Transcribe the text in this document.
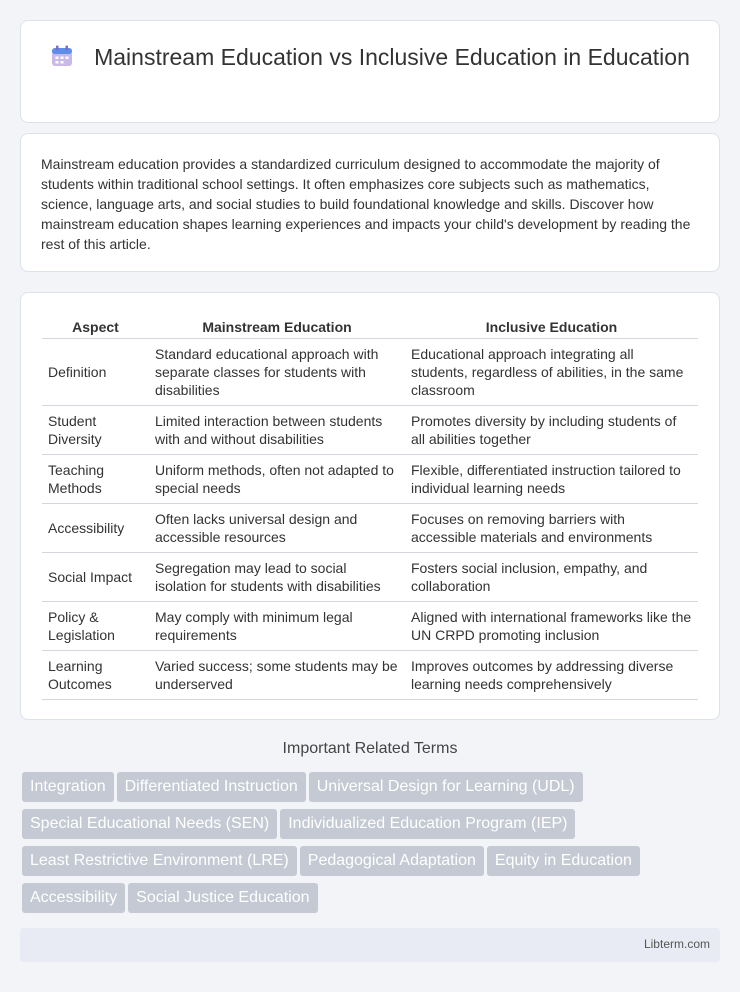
Mainstream Education vs Inclusive Education in Education

Mainstream education provides a standardized curriculum designed to accommodate the majority of students within traditional school settings. It often emphasizes core subjects such as mathematics, science, language arts, and social studies to build foundational knowledge and skills. Discover how mainstream education shapes learning experiences and impacts your child's development by reading the rest of this article.

Aspect	Mainstream Education	Inclusive Education
Definition	Standard educational approach with separate classes for students with disabilities	Educational approach integrating all students, regardless of abilities, in the same classroom
Student Diversity	Limited interaction between students with and without disabilities	Promotes diversity by including students of all abilities together
Teaching Methods	Uniform methods, often not adapted to special needs	Flexible, differentiated instruction tailored to individual learning needs
Accessibility	Often lacks universal design and accessible resources	Focuses on removing barriers with accessible materials and environments
Social Impact	Segregation may lead to social isolation for students with disabilities	Fosters social inclusion, empathy, and collaboration
Policy & Legislation	May comply with minimum legal requirements	Aligned with international frameworks like the UN CRPD promoting inclusion
Learning Outcomes	Varied success; some students may be underserved	Improves outcomes by addressing diverse learning needs comprehensively
Important Related Terms
Integration Differentiated Instruction Universal Design for Learning (UDL)
Special Educational Needs (SEN) Individualized Education Program (IEP)
Least Restrictive Environment (LRE) Pedagogical Adaptation Equity in Education
Accessibility Social Justice Education
Libterm.com
